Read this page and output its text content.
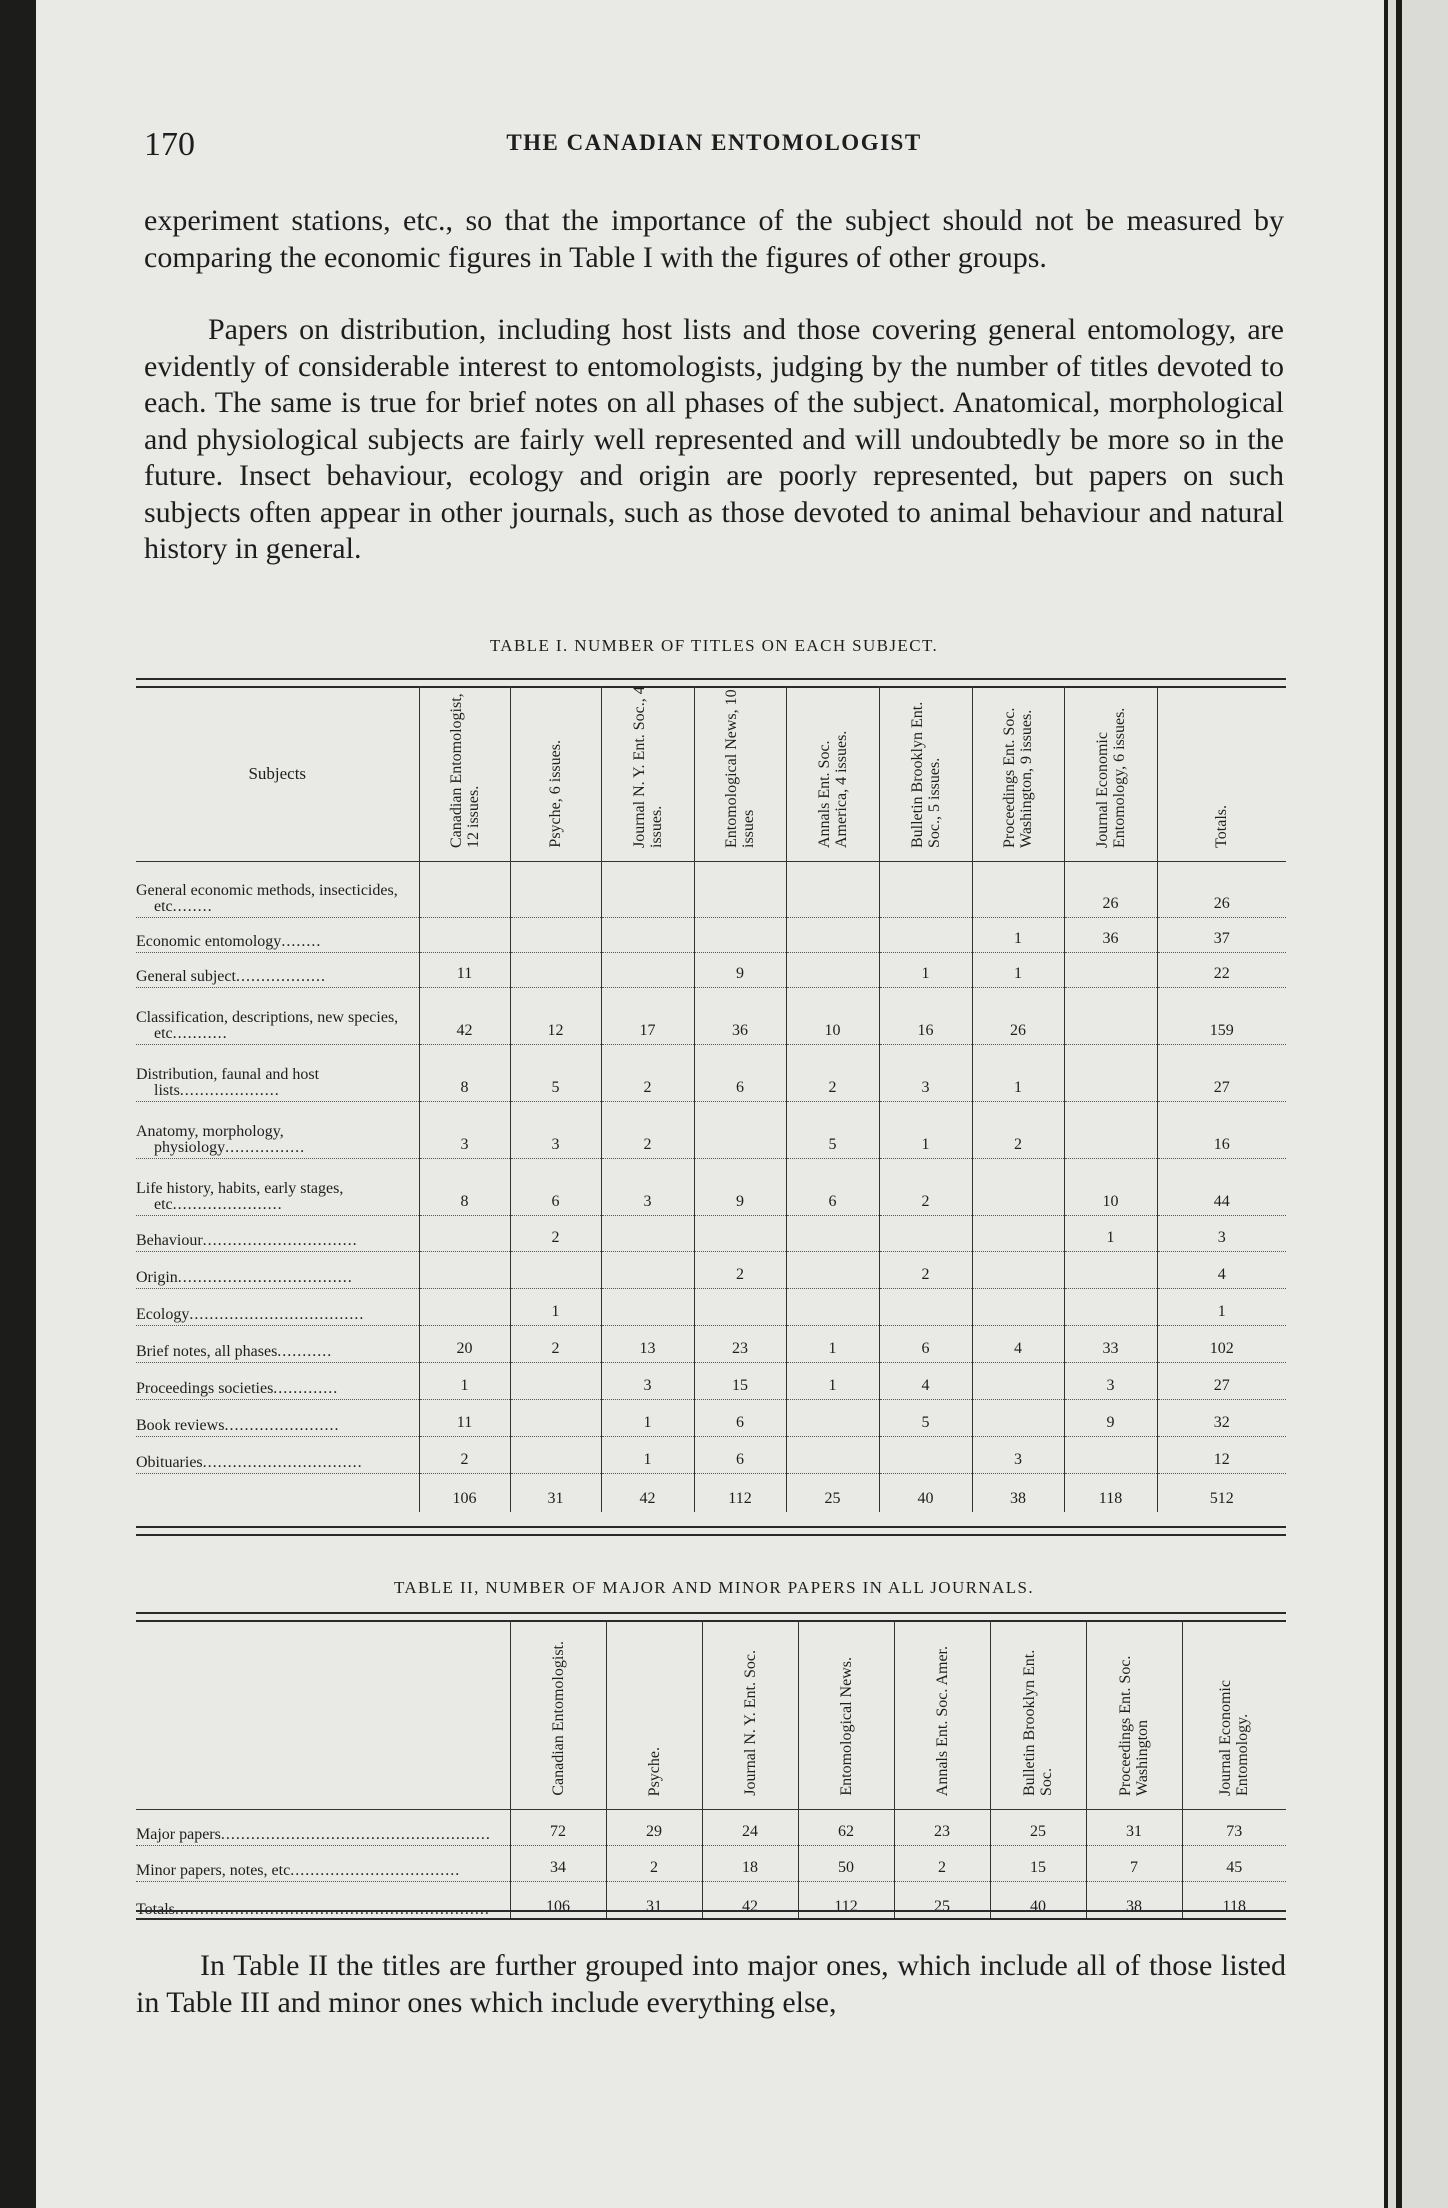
170	THE CANADIAN ENTOMOLOGIST

experiment stations, etc., so that the importance of the subject should not be measured by comparing the economic figures in Table I with the figures of other groups.

Papers on distribution, including host lists and those covering general entomology, are evidently of considerable interest to entomologists, judging by the number of titles devoted to each. The same is true for brief notes on all phases of the subject. Anatomical, morphological and physiological subjects are fairly well represented and will undoubtedly be more so in the future. Insect behaviour, ecology and origin are poorly represented, but papers on such subjects often appear in other journals, such as those devoted to animal behaviour and natural history in general.

TABLE I. NUMBER OF TITLES ON EACH SUBJECT.
Subjects	Canadian Entomologist, 12 issues.	Psyche, 6 issues.	Journal N. Y. Ent. Soc., 4 issues.	Entomological News, 10 issues	Annals Ent. Soc. America, 4 issues.	Bulletin Brooklyn Ent. Soc., 5 issues.	Proceedings Ent. Soc. Washington, 9 issues.	Journal Economic Entomology, 6 issues.	Totals.

General economic methods, insecticides, etc........								26	26

Economic entomology........							1	36	37

General subject..................	11			9		1	1		22

Classification, descriptions, new species, etc...........	42	12	17	36	10	16	26		159

Distribution, faunal and host lists....................	8	5	2	6	2	3	1		27

Anatomy, morphology, physiology................	3	3	2		5	1	2		16

Life history, habits, early stages, etc......................	8	6	3	9	6	2		10	44

Behaviour...............................		2						1	3

Origin...................................				2		2			4

Ecology...................................		1							1

Brief notes, all phases...........	20	2	13	23	1	6	4	33	102

Proceedings societies.............	1		3	15	1	4		3	27

Book reviews.......................	11		1	6		5		9	32

Obituaries................................	2		1	6			3		12
	106	31	42	112	25	40	38	118	512
TABLE II, NUMBER OF MAJOR AND MINOR PAPERS IN ALL JOURNALS.
	Canadian Entomologist.	Psyche.	Journal N. Y. Ent. Soc.	Entomological News.	Annals Ent. Soc. Amer.	Bulletin Brooklyn Ent. Soc.	Proceedings Ent. Soc. Washington	Journal Economic Entomology.
Major papers......................................................	72	29	24	62	23	25	31	73
Minor papers, notes, etc..................................	34	2	18	50	2	15	7	45
Totals...............................................................	106	31	42	112	25	40	38	118

In Table II the titles are further grouped into major ones, which include all of those listed in Table III and minor ones which include everything else,
